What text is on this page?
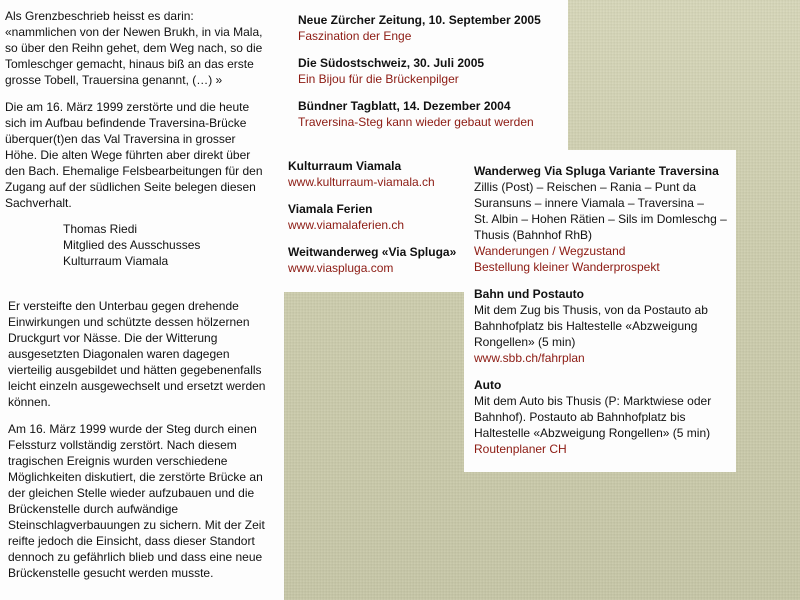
Als Grenzbeschrieb heisst es darin:

«nammlichen von der Newen Brukh, in via Mala,

so über den Reihn gehet, dem Weg nach, so die

Tomleschger gemacht, hinaus biß an das erste

grosse Tobell, Trauersina genannt, (…) »

Die am 16. März 1999 zerstörte und die heute

sich im Aufbau befindende Traversina-Brücke

überquer(t)en das Val Traversina in grosser

Höhe. Die alten Wege führten aber direkt über

den Bach. Ehemalige Felsbearbeitungen für den

Zugang auf der südlichen Seite belegen diesen

Sachverhalt.

Thomas Riedi

Mitglied des Ausschusses

Kulturraum Viamala

Er versteifte den Unterbau gegen drehende

Einwirkungen und schützte dessen hölzernen

Druckgurt vor Nässe. Die der Witterung

ausgesetzten Diagonalen waren dagegen

vierteilig ausgebildet und hätten gegebenenfalls

leicht einzeln ausgewechselt und ersetzt werden

können.

Am 16. März 1999 wurde der Steg durch einen

Felssturz vollständig zerstört. Nach diesem

tragischen Ereignis wurden verschiedene

Möglichkeiten diskutiert, die zerstörte Brücke an

der gleichen Stelle wieder aufzubauen und die

Brückenstelle durch aufwändige

Steinschlagverbauungen zu sichern. Mit der Zeit

reifte jedoch die Einsicht, dass dieser Standort

dennoch zu gefährlich blieb und dass eine neue

Brückenstelle gesucht werden musste.

Neue Zürcher Zeitung, 10. September 2005

Faszination der Enge

Die Südostschweiz, 30. Juli 2005

Ein Bijou für die Brückenpilger

Bündner Tagblatt, 14. Dezember 2004

Traversina-Steg kann wieder gebaut werden

Kulturraum Viamala

www.kulturraum-viamala.ch

Viamala Ferien

www.viamalaferien.ch

Weitwanderweg «Via Spluga»

www.viaspluga.com

Wanderweg Via Spluga Variante Traversina

Zillis (Post) – Reischen – Rania – Punt da

Suransuns – innere Viamala – Traversina –

St. Albin – Hohen Rätien – Sils im Domleschg –

Thusis (Bahnhof RhB)

Wanderungen / Wegzustand

Bestellung kleiner Wanderprospekt

Bahn und Postauto

Mit dem Zug bis Thusis, von da Postauto ab

Bahnhofplatz bis Haltestelle «Abzweigung

Rongellen» (5 min)

www.sbb.ch/fahrplan

Auto

Mit dem Auto bis Thusis (P: Marktwiese oder

Bahnhof). Postauto ab Bahnhofplatz bis

Haltestelle «Abzweigung Rongellen» (5 min)

Routenplaner CH
